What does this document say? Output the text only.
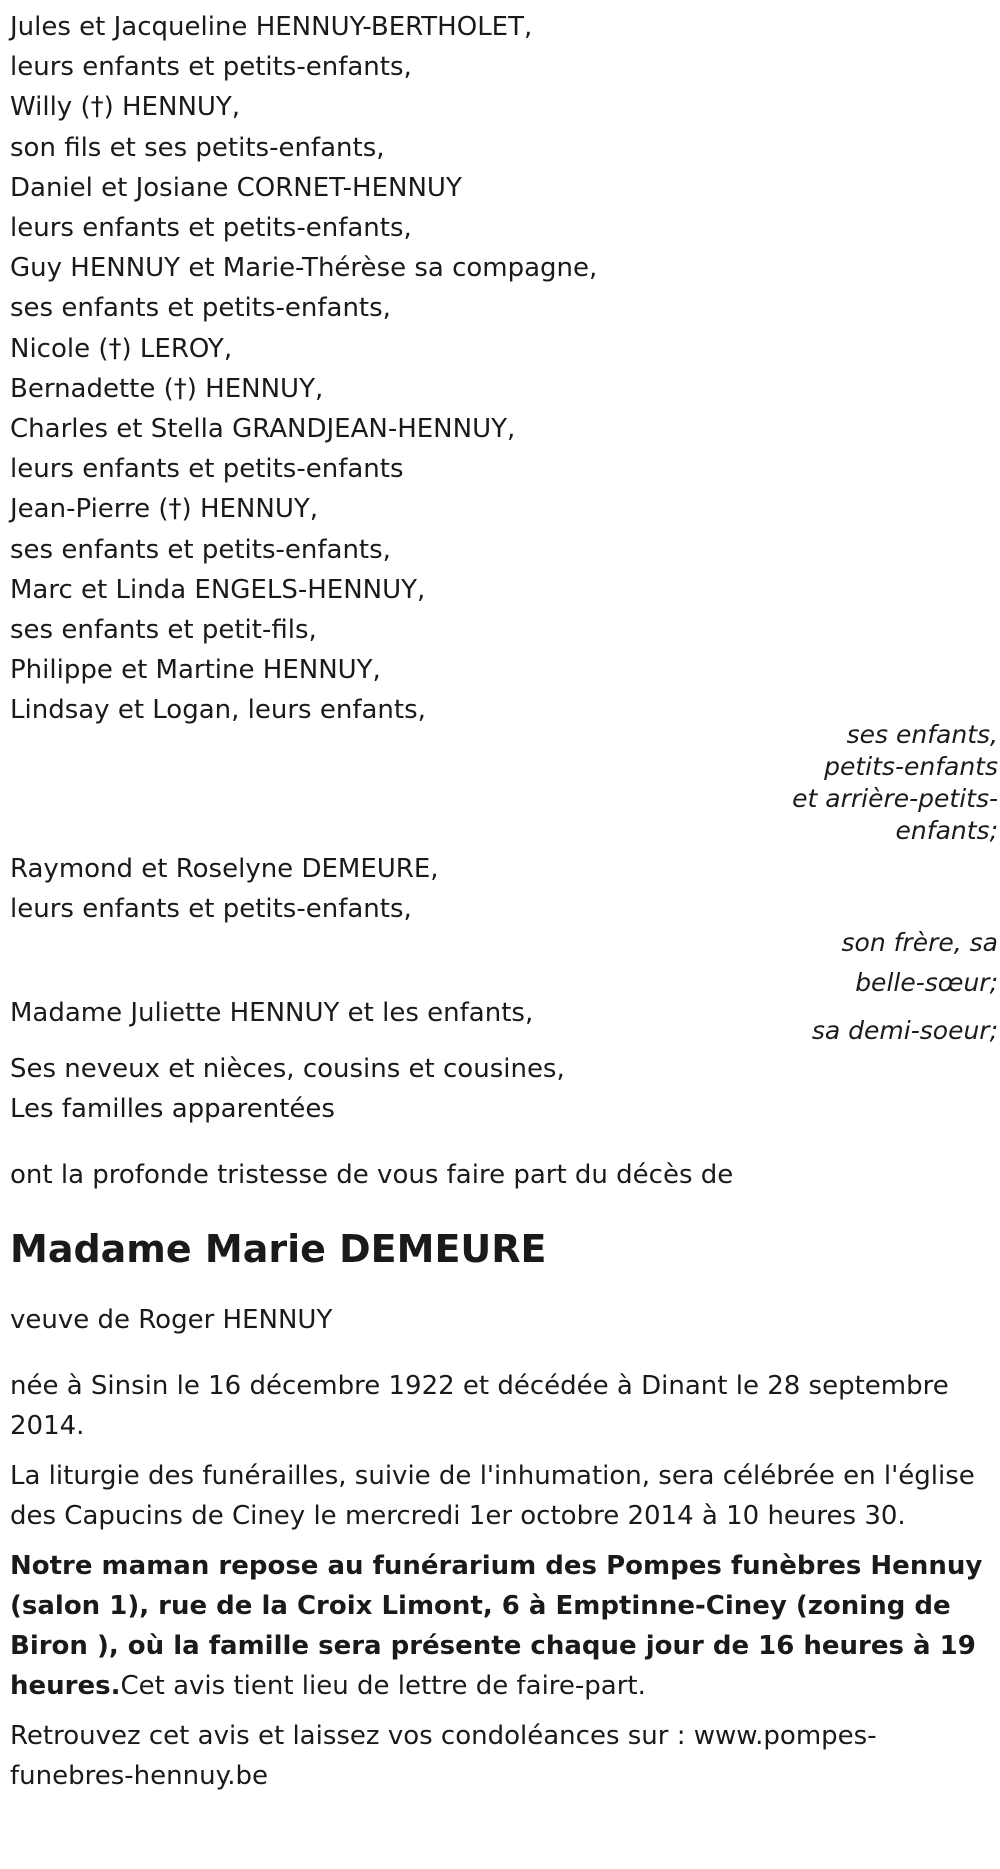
Jules et Jacqueline HENNUY-BERTHOLET,
leurs enfants et petits-enfants,
Willy (†) HENNUY,
son fils et ses petits-enfants,
Daniel et Josiane CORNET-HENNUY
leurs enfants et petits-enfants,
Guy HENNUY et Marie-Thérèse sa compagne,
ses enfants et petits-enfants,
Nicole (†) LEROY,
Bernadette (†) HENNUY,
Charles et Stella GRANDJEAN-HENNUY,
leurs enfants et petits-enfants
Jean-Pierre (†) HENNUY,
ses enfants et petits-enfants,
Marc et Linda ENGELS-HENNUY,
ses enfants et petit-fils,
Philippe et Martine HENNUY,
Lindsay et Logan, leurs enfants,
ses enfants, petits-enfants
et arrière-petits-enfants;
Raymond et Roselyne DEMEURE,
leurs enfants et petits-enfants,
son frère, sa belle-sœur;
Madame Juliette HENNUY et les enfants,
sa demi-soeur;
Ses neveux et nièces, cousins et cousines,
Les familles apparentées
ont la profonde tristesse de vous faire part du décès de
Madame Marie DEMEURE
veuve de Roger HENNUY
née à Sinsin le 16 décembre 1922 et décédée à Dinant le 28 septembre 2014.
La liturgie des funérailles, suivie de l'inhumation, sera célébrée en l'église des Capucins de Ciney le mercredi 1er octobre 2014 à 10 heures 30.
Notre maman repose au funérarium des Pompes funèbres Hennuy (salon 1), rue de la Croix Limont, 6 à Emptinne-Ciney (zoning de Biron ), où la famille sera présente chaque jour de 16 heures à 19 heures.Cet avis tient lieu de lettre de faire-part.
Retrouvez cet avis et laissez vos condoléances sur : www.pompes-funebres-hennuy.be
